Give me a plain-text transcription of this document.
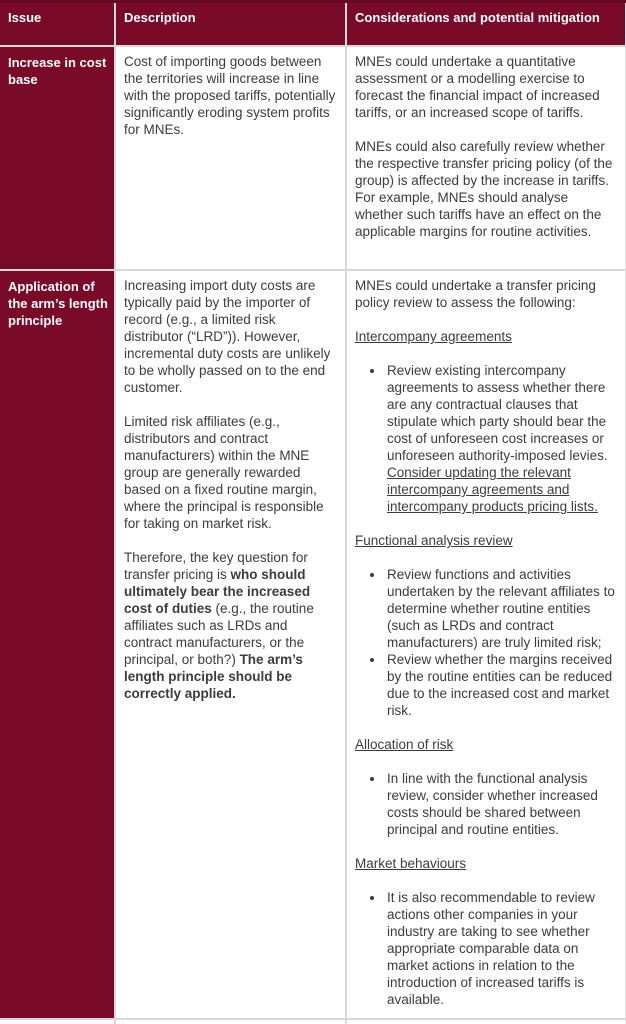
Issue	Description	Considerations and potential mitigation
Increase in cost base

Cost of importing goods between the territories will increase in line with the proposed tariffs, potentially significantly eroding system profits for MNEs.

MNEs could undertake a quantitative assessment or a modelling exercise to forecast the financial impact of increased tariffs, or an increased scope of tariffs.

MNEs could also carefully review whether the respective transfer pricing policy (of the group) is affected by the increase in tariffs. For example, MNEs should analyse whether such tariffs have an effect on the applicable margins for routine activities.

Application of the arm’s length principle

Increasing import duty costs are typically paid by the importer of record (e.g., a limited risk distributor (“LRD”)). However, incremental duty costs are unlikely to be wholly passed on to the end customer.

Limited risk affiliates (e.g., distributors and contract manufacturers) within the MNE group are generally rewarded based on a fixed routine margin, where the principal is responsible for taking on market risk.

Therefore, the key question for transfer pricing is who should ultimately bear the increased cost of duties (e.g., the routine affiliates such as LRDs and contract manufacturers, or the principal, or both?) The arm’s length principle should be correctly applied.

MNEs could undertake a transfer pricing policy review to assess the following:

Intercompany agreements

• Review existing intercompany agreements to assess whether there are any contractual clauses that stipulate which party should bear the cost of unforeseen cost increases or unforeseen authority-imposed levies. Consider updating the relevant intercompany agreements and intercompany products pricing lists.

Functional analysis review

• Review functions and activities undertaken by the relevant affiliates to determine whether routine entities (such as LRDs and contract manufacturers) are truly limited risk;
• Review whether the margins received by the routine entities can be reduced due to the increased cost and market risk.

Allocation of risk

• In line with the functional analysis review, consider whether increased costs should be shared between principal and routine entities.

Market behaviours

• It is also recommendable to review actions other companies in your industry are taking to see whether appropriate comparable data on market actions in relation to the introduction of increased tariffs is available.
